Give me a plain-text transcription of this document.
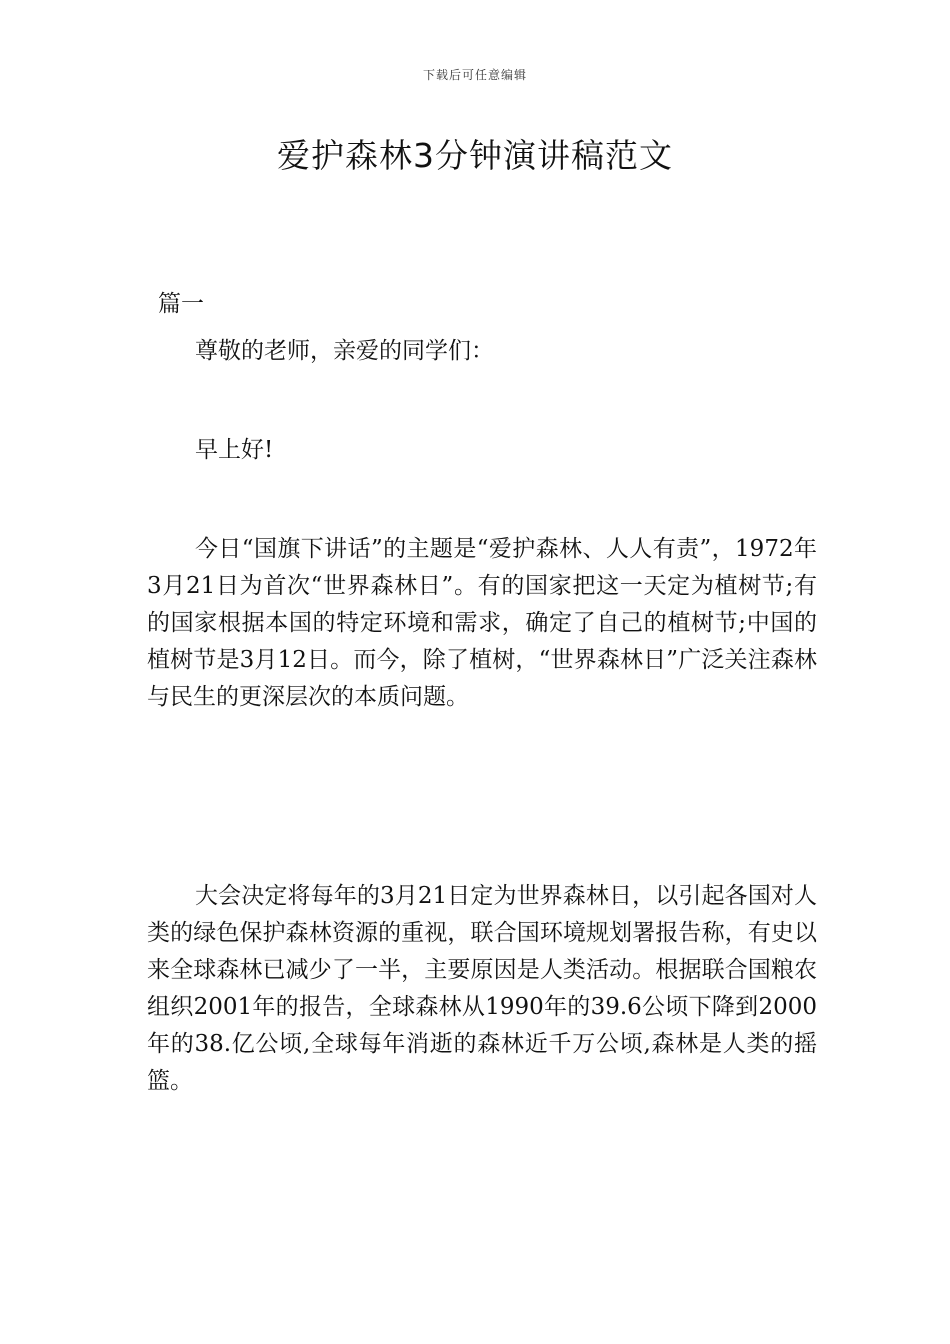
下载后可任意编辑
爱护森林3分钟演讲稿范文
篇一

尊敬的老师，亲爱的同学们：

早上好!

今日“国旗下讲话”的主题是“爱护森林、人人有责”，1972年3月21日为首次“世界森林日”。有的国家把这一天定为植树节;有的国家根据本国的特定环境和需求，确定了自己的植树节;中国的植树节是3月12日。而今，除了植树，“世界森林日”广泛关注森林与民生的更深层次的本质问题。

大会决定将每年的3月21日定为世界森林日，以引起各国对人类的绿色保护森林资源的重视，联合国环境规划署报告称，有史以来全球森林已减少了一半，主要原因是人类活动。根据联合国粮农组织2001年的报告，全球森林从1990年的39.6公顷下降到2000年的38.亿公顷,全球每年消逝的森林近千万公顷,森林是人类的摇篮。
